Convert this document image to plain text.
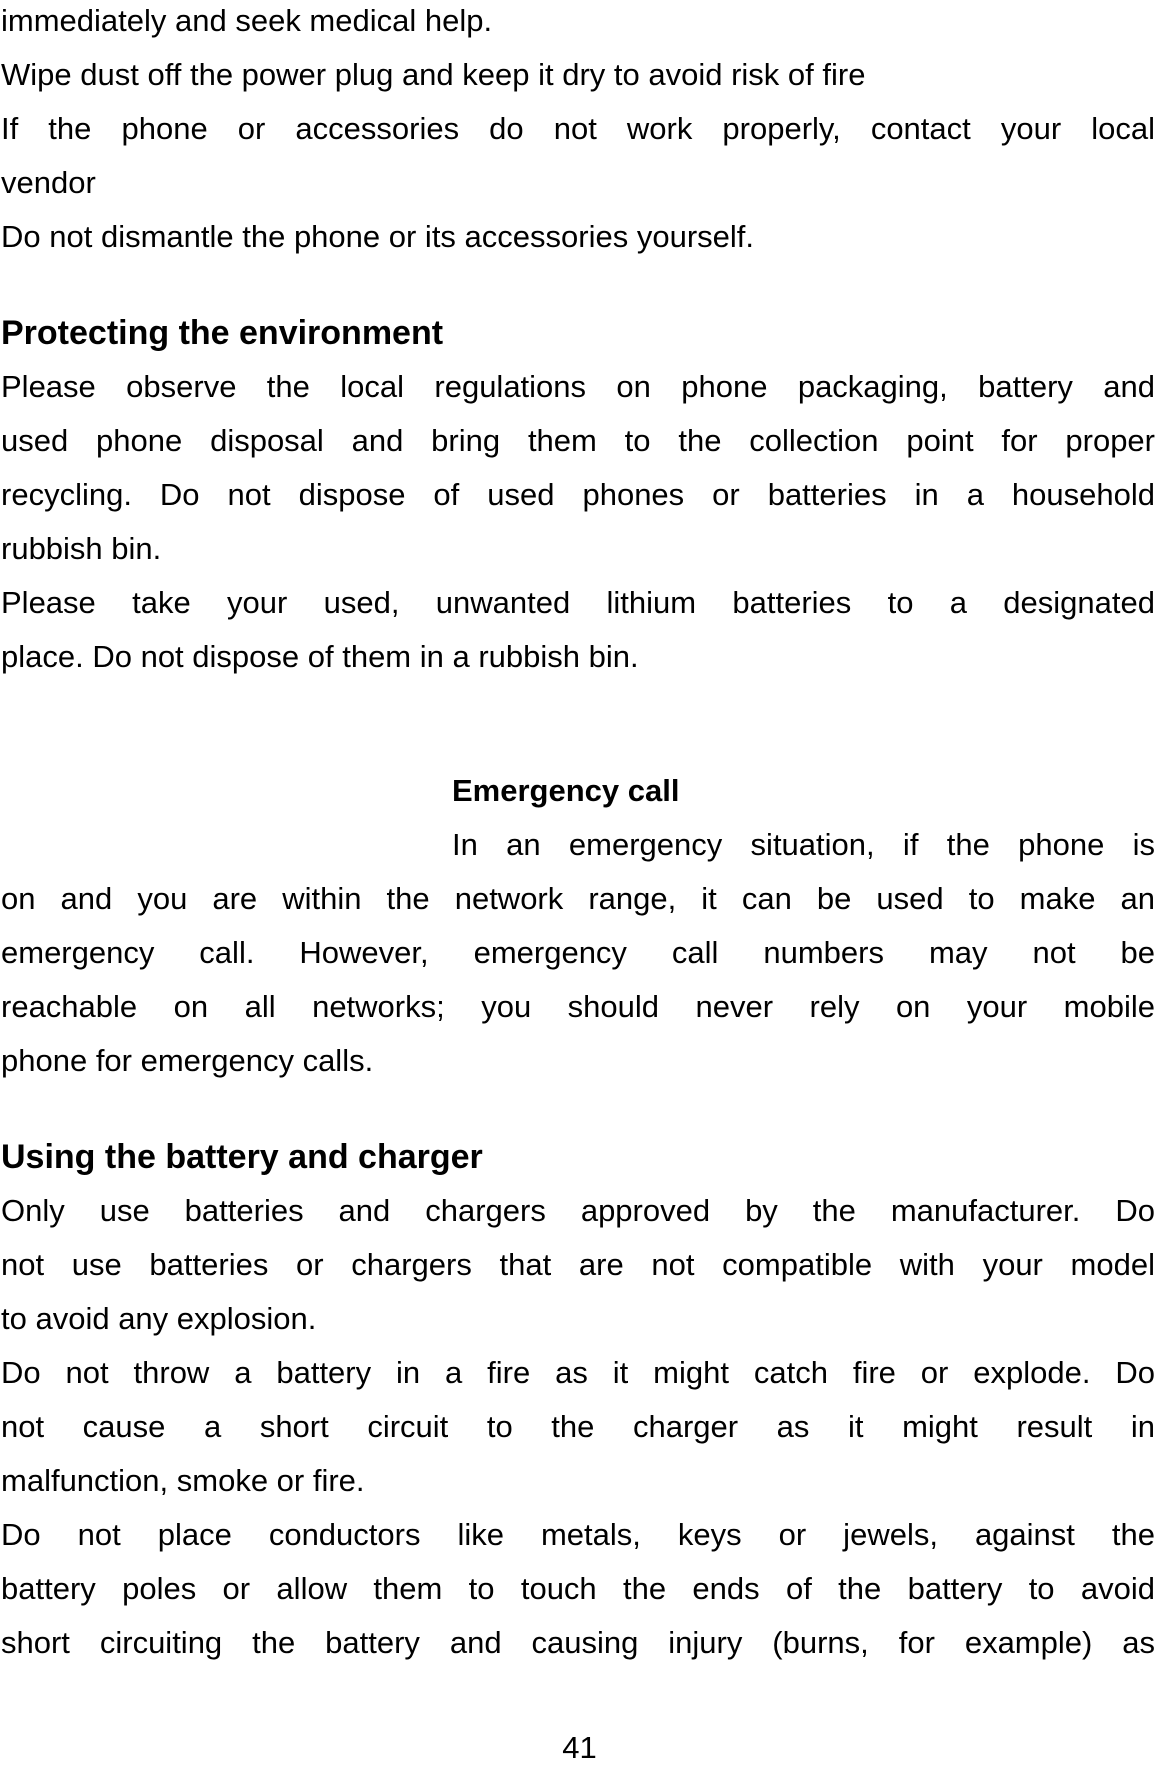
immediately and seek medical help.

Wipe dust off the power plug and keep it dry to avoid risk of fire

If the phone or accessories do not work properly, contact your local

vendor

Do not dismantle the phone or its accessories yourself.

Protecting the environment

Please observe the local regulations on phone packaging, battery and

used phone disposal and bring them to the collection point for proper

recycling. Do not dispose of used phones or batteries in a household

rubbish bin.

Please take your used, unwanted lithium batteries to a designated

place. Do not dispose of them in a rubbish bin.

Emergency call

In an emergency situation, if the phone is

on and you are within the network range, it can be used to make an

emergency call. However, emergency call numbers may not be

reachable on all networks; you should never rely on your mobile

phone for emergency calls.

Using the battery and charger

Only use batteries and chargers approved by the manufacturer. Do

not use batteries or chargers that are not compatible with your model

to avoid any explosion.

Do not throw a battery in a fire as it might catch fire or explode. Do

not cause a short circuit to the charger as it might result in

malfunction, smoke or fire.

Do not place conductors like metals, keys or jewels, against the

battery poles or allow them to touch the ends of the battery to avoid

short circuiting the battery and causing injury (burns, for example) as

41
